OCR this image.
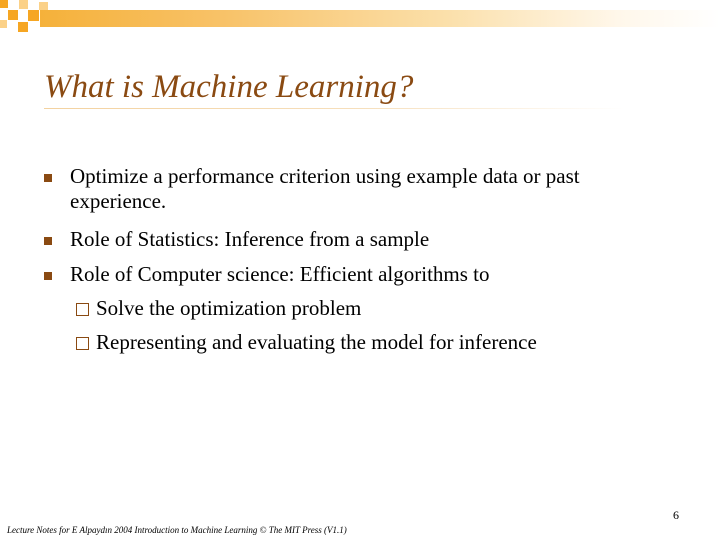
What is Machine Learning?
Optimize a performance criterion using example data or past experience.
Role of Statistics: Inference from a sample
Role of Computer science: Efficient algorithms to
Solve the optimization problem
Representing and evaluating the model for inference
6
Lecture Notes for E Alpaydın 2004 Introduction to Machine Learning © The MIT Press (V1.1)
